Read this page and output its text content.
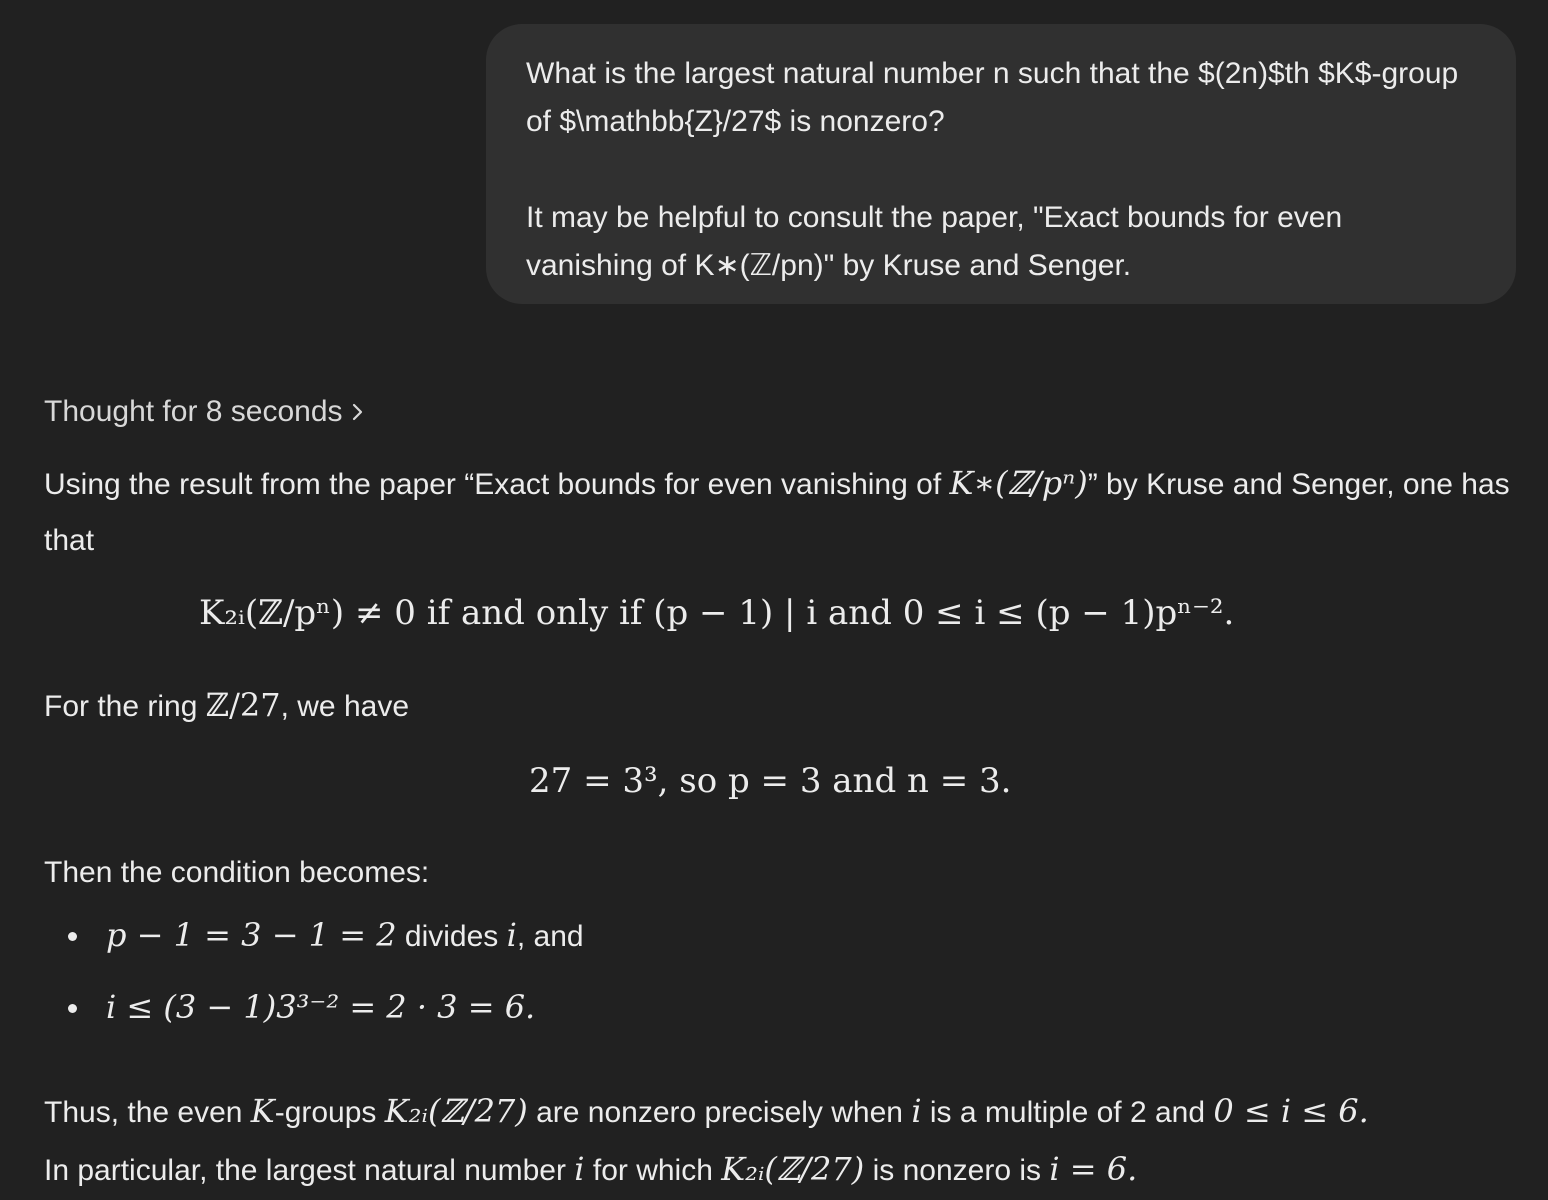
What is the largest natural number n such that the $(2n)$th $K$-group of $\mathbb{Z}/27$ is nonzero?

It may be helpful to consult the paper, "Exact bounds for even vanishing of K∗(ℤ/pn)" by Kruse and Senger.

Thought for 8 seconds

Using the result from the paper “Exact bounds for even vanishing of K∗(ℤ/pⁿ)” by Kruse and Senger, one has that

K₂ᵢ(ℤ/pⁿ) ≠ 0 if and only if (p − 1) | i and 0 ≤ i ≤ (p − 1)pⁿ⁻².

For the ring ℤ/27, we have

27 = 3³, so p = 3 and n = 3.

Then the condition becomes:

p − 1 = 3 − 1 = 2 divides i, and
i ≤ (3 − 1)3³⁻² = 2 · 3 = 6.

Thus, the even K-groups K₂ᵢ(ℤ/27) are nonzero precisely when i is a multiple of 2 and 0 ≤ i ≤ 6.

In particular, the largest natural number i for which K₂ᵢ(ℤ/27) is nonzero is i = 6.
